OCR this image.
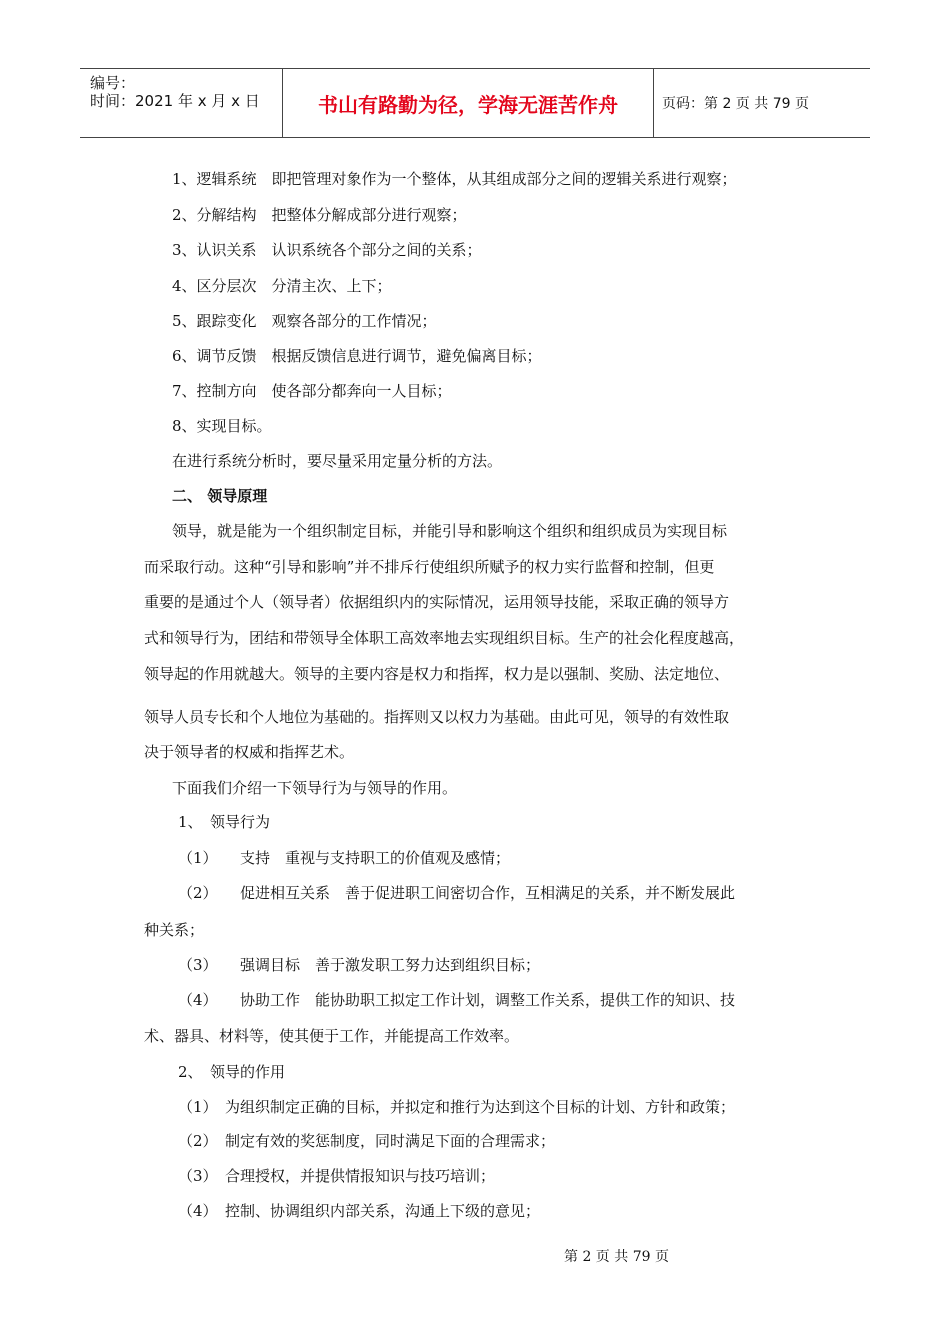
编号：
时间：2021 年 x 月 x 日	书山有路勤为径，学海无涯苦作舟	页码：第 2 页 共 79 页
1、逻辑系统　即把管理对象作为一个整体，从其组成部分之间的逻辑关系进行观察；
2、分解结构　把整体分解成部分进行观察；
3、认识关系　认识系统各个部分之间的关系；
4、区分层次　分清主次、上下；
5、跟踪变化　观察各部分的工作情况；
6、调节反馈　根据反馈信息进行调节，避免偏离目标；
7、控制方向　使各部分都奔向一人目标；
8、实现目标。
在进行系统分析时，要尽量采用定量分析的方法。
二、 领导原理
领导，就是能为一个组织制定目标，并能引导和影响这个组织和组织成员为实现目标
而采取行动。这种“引导和影响”并不排斥行使组织所赋予的权力实行监督和控制，但更
重要的是通过个人（领导者）依据组织内的实际情况，运用领导技能，采取正确的领导方
式和领导行为，团结和带领导全体职工高效率地去实现组织目标。生产的社会化程度越高，
领导起的作用就越大。领导的主要内容是权力和指挥，权力是以强制、奖励、法定地位、
领导人员专长和个人地位为基础的。指挥则又以权力为基础。由此可见，领导的有效性取
决于领导者的权威和指挥艺术。
下面我们介绍一下领导行为与领导的作用。
1、　领导行为
（1）　　支持　重视与支持职工的价值观及感情；
（2）　　促进相互关系　善于促进职工间密切合作，互相满足的关系，并不断发展此
种关系；
（3）　　强调目标　善于激发职工努力达到组织目标；
（4）　　协助工作　能协助职工拟定工作计划，调整工作关系，提供工作的知识、技
术、器具、材料等，使其便于工作，并能提高工作效率。
2、　领导的作用
（1）　为组织制定正确的目标，并拟定和推行为达到这个目标的计划、方针和政策；
（2）　制定有效的奖惩制度，同时满足下面的合理需求；
（3）　合理授权，并提供情报知识与技巧培训；
（4）　控制、协调组织内部关系，沟通上下级的意见；
第 2 页 共 79 页
